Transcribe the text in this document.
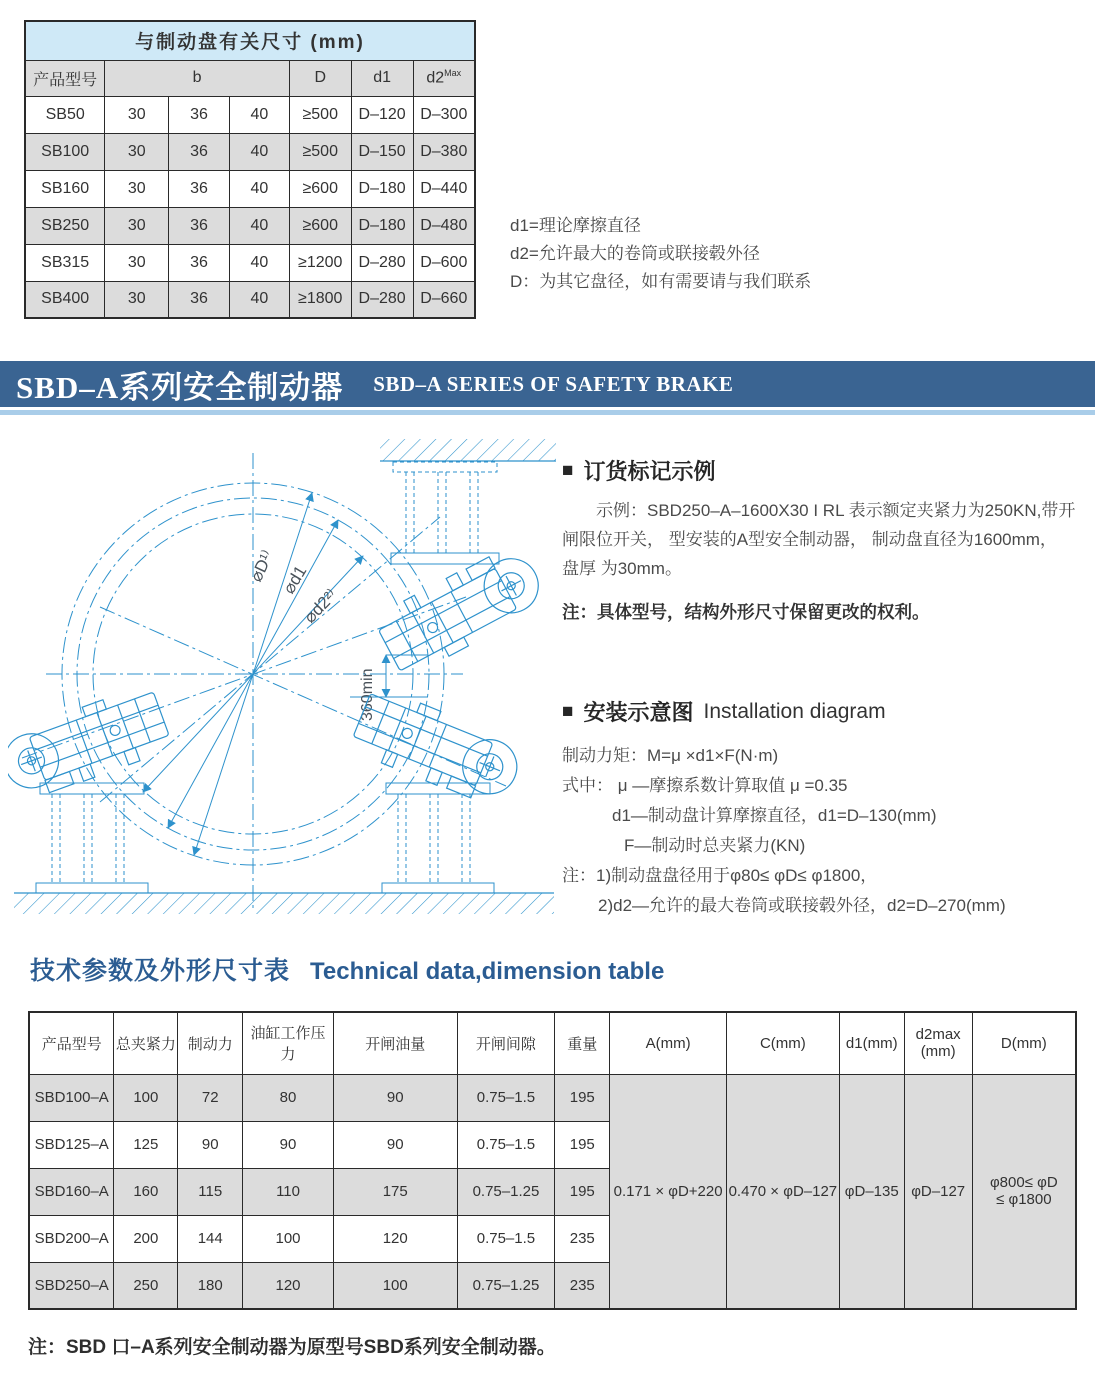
与制动盘有关尺寸 (mm)						
产品型号	b			D	d1	$d2^{Max}$
SB50	30	36	40	≥500	D–120	D–300
SB100	30	36	40	≥500	D–150	D–380
SB160	30	36	40	≥600	D–180	D–440
SB250	30	36	40	≥600	D–180	D–480
SB315	30	36	40	≥1200	D–280	D–600
SB400	30	36	40	≥1800	D–280	D–660
d1=理论摩擦直径
d2=允许最大的卷筒或联接毂外径
D：为其它盘径，如有需要请与我们联系
SBD–A系列安全制动器 SBD–A SERIES OF SAFETY BRAKE
⌀D¹⁾ ⌀d1
⌀d2²⁾
360min
■ 订货标记示例

示例：SBD250–A–1600X30 I RL 表示额定夹紧力为250KN,带开闸限位开关， 型安装的A型安全制动器， 制动盘直径为1600mm， 盘厚 为30mm。

注：具体型号，结构外形尺寸保留更改的权利。
■ 安装示意图 Installation diagram
制动力矩：M=μ ×d1×F(N·m)
式中： μ —摩擦系数计算取值 μ =0.35
d1—制动盘计算摩擦直径，d1=D–130(mm)
F—制动时总夹紧力(KN)
注：1)制动盘盘径用于φ80≤ φD≤ φ1800，
2)d2—允许的最大卷筒或联接毂外径，d2=D–270(mm)
技术参数及外形尺寸表 Technical data,dimension table
产品型号	总夹紧力	制动力	油缸工作压力	开闸油量	开闸间隙	重量	A(mm)	C(mm)	d1(mm)	d2max
(mm)	D(mm)
SBD100–A	100	72	80	90	0.75–1.5	195	0.171 × φD+220	0.470 × φD–127	φD–135	φD–127	φ800≤ φD
≤ φ1800

SBD125–A	125	90	90	90	0.75–1.5	195					
SBD160–A	160	115	110	175	0.75–1.25	195					
SBD200–A	200	144	100	120	0.75–1.5	235					
SBD250–A	250	180	120	100	0.75–1.25	235					
注：SBD 口–A系列安全制动器为原型号SBD系列安全制动器。
